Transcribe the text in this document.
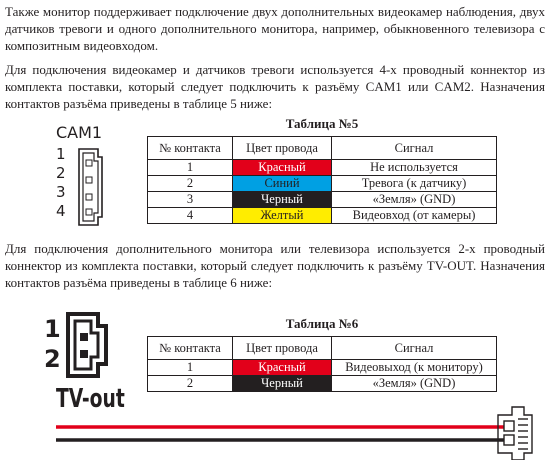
Также монитор поддерживает подключение двух дополнительных видеокамер наблюдения, двух датчиков тревоги и одного дополнительного монитора, например, обыкновенного телевизора с композитным видеовходом.

Для подключения видеокамер и датчиков тревоги используется 4-х проводный коннектор из комплекта поставки, который следует подключить к разъёму CAM1 или CAM2. Назначения контактов разъёма приведены в таблице 5 ниже:

CAM1
1
2
3
4
Таблица №5
№ контакта	Цвет провода	Сигнал
1	Красный	Не используется
2	Синий	Тревога (к датчику)
3	Черный	«Земля» (GND)
4	Желтый	Видеовход (от камеры)

Для подключения дополнительного монитора или телевизора используется 2-х проводный коннектор из комплекта поставки, который следует подключить к разъёму TV-OUT. Назначения контактов разъёма приведены в таблице 6 ниже:

1
2
TV-out
Таблица №6
№ контакта	Цвет провода	Сигнал
1	Красный	Видеовыход (к монитору)
2	Черный	«Земля» (GND)
